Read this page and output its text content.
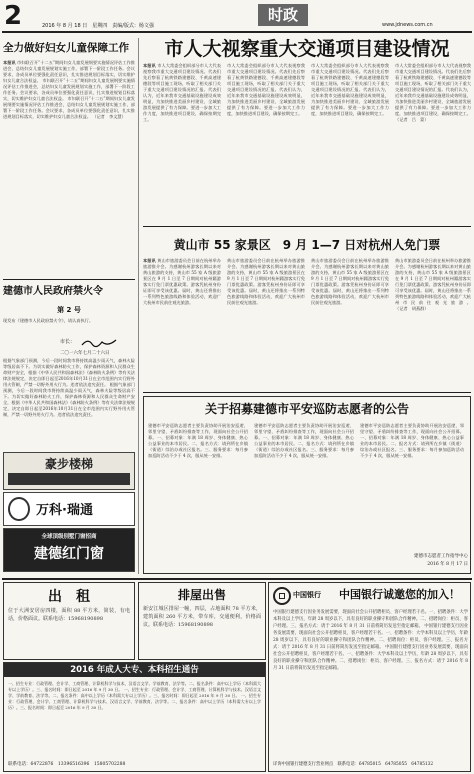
2	2016 年 8 月 18 日　星期四　责编/版式：杨文强
时政
www.jdnews.com.cn
全力做好妇女儿童保障工作
本报讯 市妇联召开“十二五”期间妇女儿童发展纲要实施情况评估工作推进会，总结妇女儿童发展规划实施工作，部署下一阶段工作任务。会议要求，各成员单位要强化责任意识，扎实推进规划目标落实，切实维护妇女儿童合法权益。 市妇联召开“十二五”期间妇女儿童发展纲要实施情况评估工作推进会，总结妇女儿童发展规划实施工作，部署下一阶段工作任务。会议要求，各成员单位要强化责任意识，扎实推进规划目标落实，切实维护妇女儿童合法权益。 市妇联召开“十二五”期间妇女儿童发展纲要实施情况评估工作推进会，总结妇女儿童发展规划实施工作，部署下一阶段工作任务。会议要求，各成员单位要强化责任意识，扎实推进规划目标落实，切实维护妇女儿童合法权益。 （记者　李文慧）
建德市人民政府禁火令
第 2 号
现发布《建德市人民政府禁火令》，请认真执行。
市长：
二〇一六年七月二十六日
根据气象部门预测，今后一段时间我市将持续高温少雨天气，森林火险等级居高不下。为切实做好森林防火工作，保护森林资源和人民群众生命财产安全，根据《中华人民共和国森林法》《森林防火条例》等有关法律法规规定，决定自即日起至2016年10月31日在全市范围内实行野外用火管制，严禁一切野外用火行为。违者依法追究责任。 根据气象部门预测，今后一段时间我市将持续高温少雨天气，森林火险等级居高不下。为切实做好森林防火工作，保护森林资源和人民群众生命财产安全，根据《中华人民共和国森林法》《森林防火条例》等有关法律法规规定，决定自即日起至2016年10月31日在全市范围内实行野外用火管制，严禁一切野外用火行为。违者依法追究责任。
豪步楼梯
万科·瑞通
全球顶级别墅门窗招商
建德红门窗
市人大视察重大交通项目建设情况
本报讯 市人大常委会组织部分市人大代表视察我市重大交通项目建设情况。代表们先后察看了杭黄铁路建德段、千黄高速建德段等项目施工现场，听取了相关部门关于重大交通项目建设情况的汇报。代表们认为，近年来我市交通基础设施建设成效明显，为加快推进美丽乡村建设、全域旅游发展提供了有力保障。要进一步加大工作力度，加快推进项目建设，确保按期完工。
市人大常委会组织部分市人大代表视察我市重大交通项目建设情况。代表们先后察看了杭黄铁路建德段、千黄高速建德段等项目施工现场，听取了相关部门关于重大交通项目建设情况的汇报。代表们认为，近年来我市交通基础设施建设成效明显，为加快推进美丽乡村建设、全域旅游发展提供了有力保障。要进一步加大工作力度，加快推进项目建设，确保按期完工。
市人大常委会组织部分市人大代表视察我市重大交通项目建设情况。代表们先后察看了杭黄铁路建德段、千黄高速建德段等项目施工现场，听取了相关部门关于重大交通项目建设情况的汇报。代表们认为，近年来我市交通基础设施建设成效明显，为加快推进美丽乡村建设、全域旅游发展提供了有力保障。要进一步加大工作力度，加快推进项目建设，确保按期完工。
市人大常委会组织部分市人大代表视察我市重大交通项目建设情况。代表们先后察看了杭黄铁路建德段、千黄高速建德段等项目施工现场，听取了相关部门关于重大交通项目建设情况的汇报。代表们认为，近年来我市交通基础设施建设成效明显，为加快推进美丽乡村建设、全域旅游发展提供了有力保障。要进一步加大工作力度，加快推进项目建设，确保按期完工。 （记者　吕　蒙）
黄山市 55 家景区　9 月 1—7 日对杭州人免门票
本报讯 黄山市旅游委员会日前在杭州举办旅游推介会。为感谢杭州游客长期以来对黄山旅游的支持，黄山市 55 家 A 级旅游景区在 9 月 1 日至 7 日期间对杭州籍游客实行免门票优惠政策。游客凭杭州身份证即可享受该优惠。届时，黄山还将推出一系列特色旅游线路和体验活动，欢迎广大杭州市民前往观光旅游。
黄山市旅游委员会日前在杭州举办旅游推介会。为感谢杭州游客长期以来对黄山旅游的支持，黄山市 55 家 A 级旅游景区在 9 月 1 日至 7 日期间对杭州籍游客实行免门票优惠政策。游客凭杭州身份证即可享受该优惠。届时，黄山还将推出一系列特色旅游线路和体验活动，欢迎广大杭州市民前往观光旅游。
黄山市旅游委员会日前在杭州举办旅游推介会。为感谢杭州游客长期以来对黄山旅游的支持，黄山市 55 家 A 级旅游景区在 9 月 1 日至 7 日期间对杭州籍游客实行免门票优惠政策。游客凭杭州身份证即可享受该优惠。届时，黄山还将推出一系列特色旅游线路和体验活动，欢迎广大杭州市民前往观光旅游。
黄山市旅游委员会日前在杭州举办旅游推介会。为感谢杭州游客长期以来对黄山旅游的支持，黄山市 55 家 A 级旅游景区在 9 月 1 日至 7 日期间对杭州籍游客实行免门票优惠政策。游客凭杭州身份证即可享受该优惠。届时，黄山还将推出一系列特色旅游线路和体验活动，欢迎广大杭州市民前往观光旅游。 （记者　胡燕群）
关于招募建德市平安巡防志愿者的公告
建德市平安巡防志愿者主要负责协助开展治安巡逻、邻里守望、矛盾纠纷排查等工作，现面向社会公开招募。一、招募对象：年满 18 周岁、身体健康、热心公益事业的本市居民。二、报名方式：请到所在乡镇（街道）综治办或社区报名。三、服务要求：每月参加巡防活动不少于 4 次，服从统一安排。
建德市平安巡防志愿者主要负责协助开展治安巡逻、邻里守望、矛盾纠纷排查等工作，现面向社会公开招募。一、招募对象：年满 18 周岁、身体健康、热心公益事业的本市居民。二、报名方式：请到所在乡镇（街道）综治办或社区报名。三、服务要求：每月参加巡防活动不少于 4 次，服从统一安排。
建德市平安巡防志愿者主要负责协助开展治安巡逻、邻里守望、矛盾纠纷排查等工作，现面向社会公开招募。一、招募对象：年满 18 周岁、身体健康、热心公益事业的本市居民。二、报名方式：请到所在乡镇（街道）综治办或社区报名。三、服务要求：每月参加巡防活动不少于 4 次，服从统一安排。
建德市志愿者工作指导中心
2016 年 8 月 17 日
出　租
位于大洲安居房四楼，面积 88 平方米，简装，有电话，价格面议。联系电话：15968190898
排屋出售
新安江城区排屋一幢，四层，占地面积 78 平方米，建筑面积 260 平方米，带车库，交通便利，价格面议。联系电话：15968190898
2016 年成人大专、本科招生通告
一、招生专业：行政管理、会计学、工商管理、计算机科学与技术、汉语言文学、学前教育、法学等。二、报名条件：高中以上学历（本科需大专以上学历）。三、报名时间：即日起至 2016 年 9 月 30 日。 一、招生专业：行政管理、会计学、工商管理、计算机科学与技术、汉语言文学、学前教育、法学等。二、报名条件：高中以上学历（本科需大专以上学历）。三、报名时间：即日起至 2016 年 9 月 30 日。 一、招生专业：行政管理、会计学、工商管理、计算机科学与技术、汉语言文学、学前教育、法学等。二、报名条件：高中以上学历（本科需大专以上学历）。三、报名时间：即日起至 2016 年 9 月 30 日。
联系电话：64722876　13396516396　15805702288
中国银行 中国银行诚邀您的加入！
中国银行建德支行因业务发展需要，现面向社会公开招聘柜员、客户经理若干名。一、招聘条件：大学本科及以上学历，年龄 28 周岁以下，具有良好的职业操守和团队合作精神。二、招聘岗位：柜员、客户经理。三、报名方式：请于 2016 年 8 月 31 日前将简历发送至指定邮箱。 中国银行建德支行因业务发展需要，现面向社会公开招聘柜员、客户经理若干名。一、招聘条件：大学本科及以上学历，年龄 28 周岁以下，具有良好的职业操守和团队合作精神。二、招聘岗位：柜员、客户经理。三、报名方式：请于 2016 年 8 月 31 日前将简历发送至指定邮箱。 中国银行建德支行因业务发展需要，现面向社会公开招聘柜员、客户经理若干名。一、招聘条件：大学本科及以上学历，年龄 28 周岁以下，具有良好的职业操守和团队合作精神。二、招聘岗位：柜员、客户经理。三、报名方式：请于 2016 年 8 月 31 日前将简历发送至指定邮箱。
详询中国银行建德支行营业网点　联系电话：64785015　64785055　64785132
